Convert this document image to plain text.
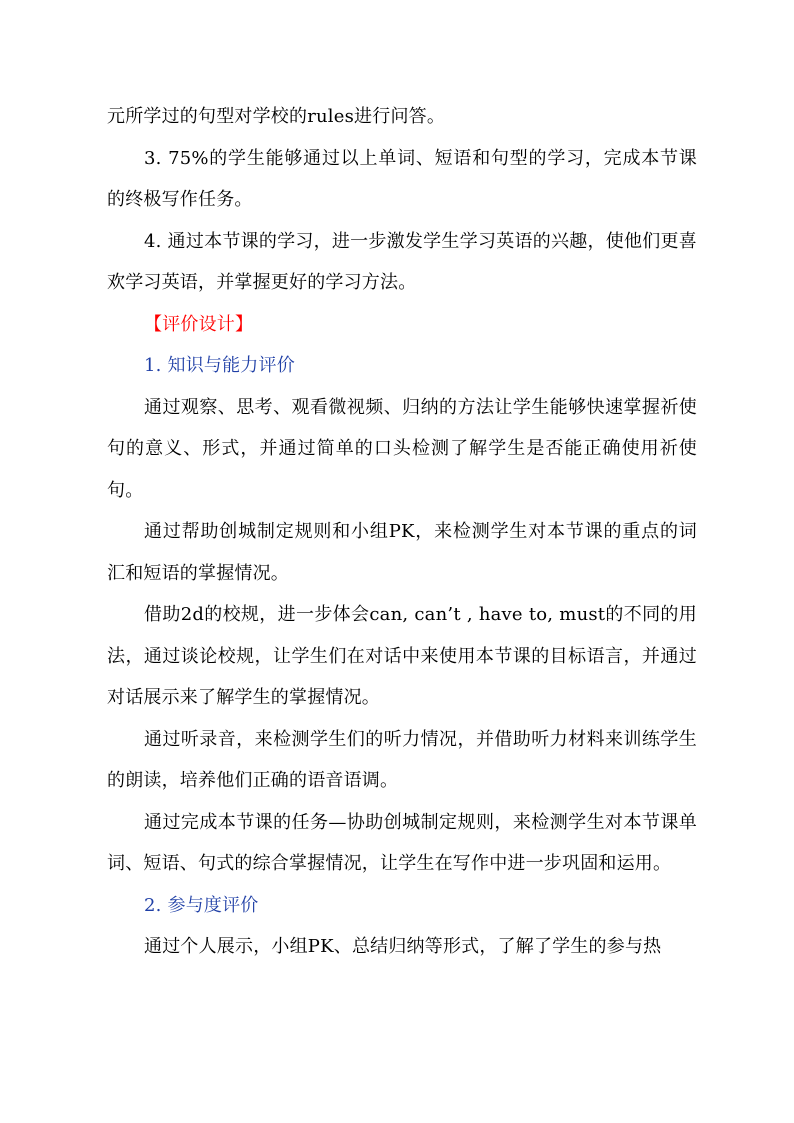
元所学过的句型对学校的rules进行问答。

3. 75%的学生能够通过以上单词、短语和句型的学习，完成本节课的终极写作任务。

4. 通过本节课的学习，进一步激发学生学习英语的兴趣，使他们更喜欢学习英语，并掌握更好的学习方法。

【评价设计】

1. 知识与能力评价

通过观察、思考、观看微视频、归纳的方法让学生能够快速掌握祈使句的意义、形式，并通过简单的口头检测了解学生是否能正确使用祈使句。

通过帮助创城制定规则和小组PK，来检测学生对本节课的重点的词汇和短语的掌握情况。

借助2d的校规，进一步体会can, can’t , have to, must的不同的用法，通过谈论校规，让学生们在对话中来使用本节课的目标语言，并通过对话展示来了解学生的掌握情况。

通过听录音，来检测学生们的听力情况，并借助听力材料来训练学生的朗读，培养他们正确的语音语调。

通过完成本节课的任务—协助创城制定规则，来检测学生对本节课单词、短语、句式的综合掌握情况，让学生在写作中进一步巩固和运用。

2. 参与度评价

通过个人展示，小组PK、总结归纳等形式，了解了学生的参与热
